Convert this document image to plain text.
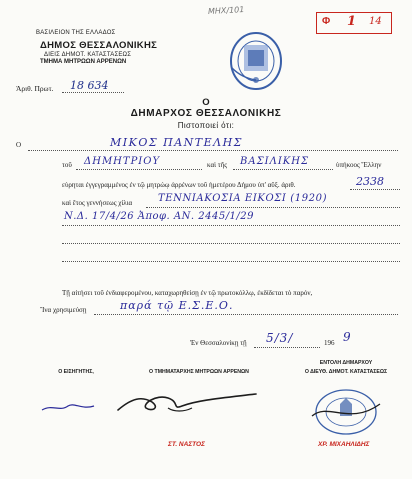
ΜΗΧ/101
ΒΑΣΙΛΕΙΟΝ ΤΗΣ ΕΛΛΑΔΟΣ
ΔΗΜΟΣ ΘΕΣΣΑΛΟΝΙΚΗΣ
ΔΙΕΙΣ ΔΗΜΟΤ. ΚΑΤΑΣΤΑΣΕΩΣ
ΤΜΗΜΑ ΜΗΤΡΩΩΝ ΑΡΡΕΝΩΝ
Άριθ. Πρωτ. 18 634
Φ 1 14
Ο
ΔΗΜΑΡΧΟΣ ΘΕΣΣΑΛΟΝΙΚΗΣ
Πιστοποιεί ότι:
Ο	ΜΙΚΟΣ ΠΑΝΤΕΛΗΣ
τοῦ ΔΗΜΗΤΡΙΟΥ	καὶ τῆς ΒΑΣΙΛΙΚΗΣ	ὑπήκοος Ἕλλην
εὑρηται ἐγγεγραμμένος ἐν τῷ μητρώῳ ἀρρένων τοῦ ἡμετέρου Δήμου ὑπ' αὔξ. ἀριθ.	2338
καὶ ἔτος γεννήσεως χίλια	ΤΕΝΝΙΑΚΟΣΙΑ ΕΙΚΟΣΙ (1920)
Ν.Δ. 17/4/26 Ἀποφ. ΑΝ. 2445/1/29
Τῇ αἰτήσει τοῦ ἐνδιαφερομένου, καταχωρηθείσῃ ἐν τῷ πρωτοκόλλῳ, ἐκδίδεται τὸ παρόν,
Ἵνα χρησιμεύσῃ	παρά τῷ Ε.Σ.Ε.Ο.
Ἐν Θεσσαλονίκῃ τῇ 5/3/	196 9
Ο ΕΙΣΗΓΗΤΗΣ,	Ο ΤΜΗΜΑΤΑΡΧΗΣ ΜΗΤΡΩΩΝ ΑΡΡΕΝΩΝ
ΕΝΤΟΛΗ ΔΗΜΑΡΧΟΥ
Ο ΔΙΕΥΘ. ΔΗΜΟΤ. ΚΑΤΑΣΤΑΣΕΩΣ
ΣΤ. ΝΑΣΤΟΣ	ΧΡ. ΜΙΧΑΗΛΙΔΗΣ
